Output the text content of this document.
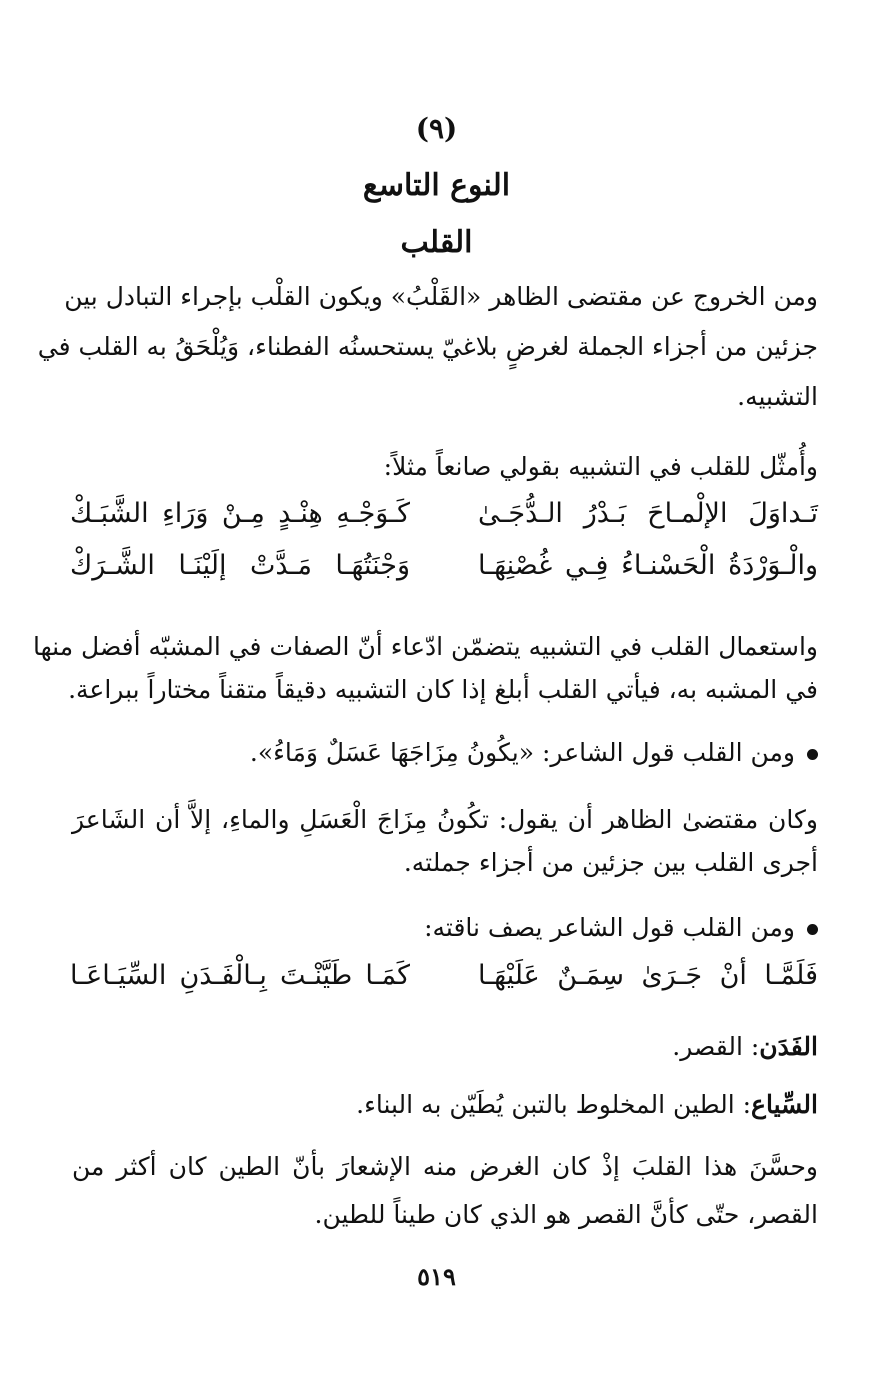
(٩)
النوع التاسع
القلب
ومن الخروج عن مقتضى الظاهر «القَلْبُ» ويكون القلْب بإجراء التبادل بين
جزئين من أجزاء الجملة لغرضٍ بلاغيّ يستحسنُه الفطناء، وَيُلْحَقُ به القلب في
التشبيه.
وأُمثّل للقلب في التشبيه بقولي صانعاً مثلاً:
تَـداوَلَ الإلْمـاحَ بَـدْرُ الـدُّجَـىٰ
كَـوَجْـهِ هِنْـدٍ مِـنْ وَرَاءِ الشَّبَـكْ
والْـوَرْدَةُ الْحَسْنـاءُ فِـي غُصْنِهَـا
وَجْنَتُهَـا مَـدَّتْ إلَيْنَـا الشَّـرَكْ
واستعمال القلب في التشبيه يتضمّن ادّعاء أنّ الصفات في المشبّه أفضل منها
في المشبه به، فيأتي القلب أبلغ إذا كان التشبيه دقيقاً متقناً مختاراً ببراعة.
ومن القلب قول الشاعر: «يكُونُ مِزَاجَهَا عَسَلٌ وَمَاءُ».
وكان مقتضىٰ الظاهر أن يقول: تكُونُ مِزَاجَ الْعَسَلِ والماءِ، إلاَّ أن الشَاعرَ
أجرى القلب بين جزئين من أجزاء جملته.
ومن القلب قول الشاعر يصف ناقته:
فَلَمَّـا أنْ جَـرَىٰ سِمَـنٌ عَلَيْهَـا
كَمَـا طَيَّنْـتَ بِـالْفَـدَنِ السِّيَـاعَـا
الفَدَن: القصر.
السِّياع: الطين المخلوط بالتبن يُطَيّن به البناء.
وحسَّنَ هذا القلبَ إذْ كان الغرض منه الإشعارَ بأنّ الطين كان أكثر من
القصر، حتّى كأنَّ القصر هو الذي كان طيناً للطين.
٥١٩
